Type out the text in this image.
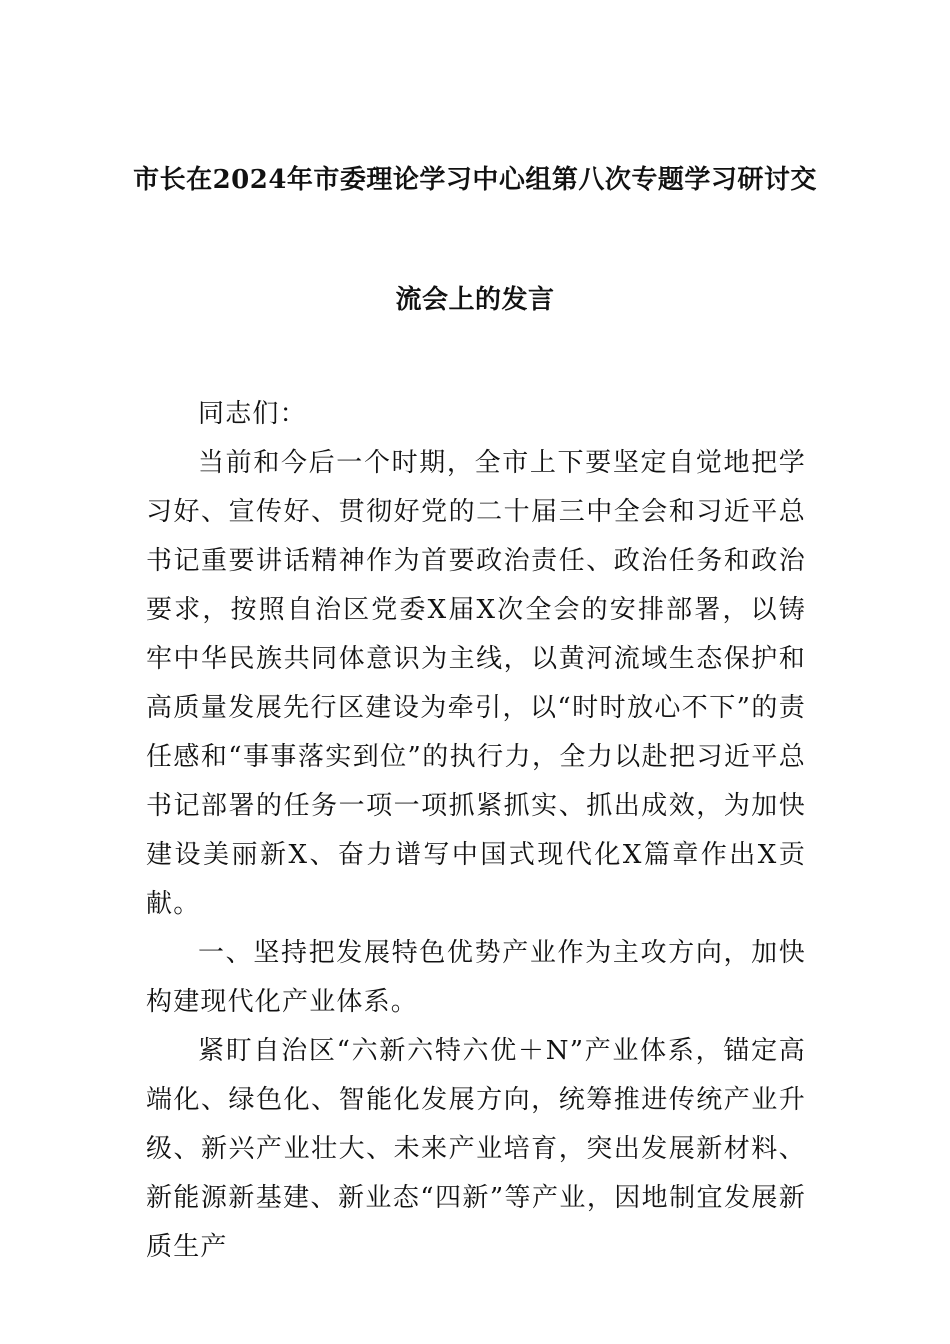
市长在2024年市委理论学习中心组第八次专题学习研讨交
流会上的发言

同志们：

当前和今后一个时期，全市上下要坚定自觉地把学习好、宣传好、贯彻好党的二十届三中全会和习近平总书记重要讲话精神作为首要政治责任、政治任务和政治要求，按照自治区党委X届X次全会的安排部署，以铸牢中华民族共同体意识为主线，以黄河流域生态保护和高质量发展先行区建设为牵引，以“时时放心不下”的责任感和“事事落实到位”的执行力，全力以赴把习近平总书记部署的任务一项一项抓紧抓实、抓出成效，为加快建设美丽新X、奋力谱写中国式现代化X篇章作出X贡献。

一、坚持把发展特色优势产业作为主攻方向，加快构建现代化产业体系。

紧盯自治区“六新六特六优＋N”产业体系，锚定高端化、绿色化、智能化发展方向，统筹推进传统产业升级、新兴产业壮大、未来产业培育，突出发展新材料、新能源新基建、新业态“四新”等产业，因地制宜发展新质生产
